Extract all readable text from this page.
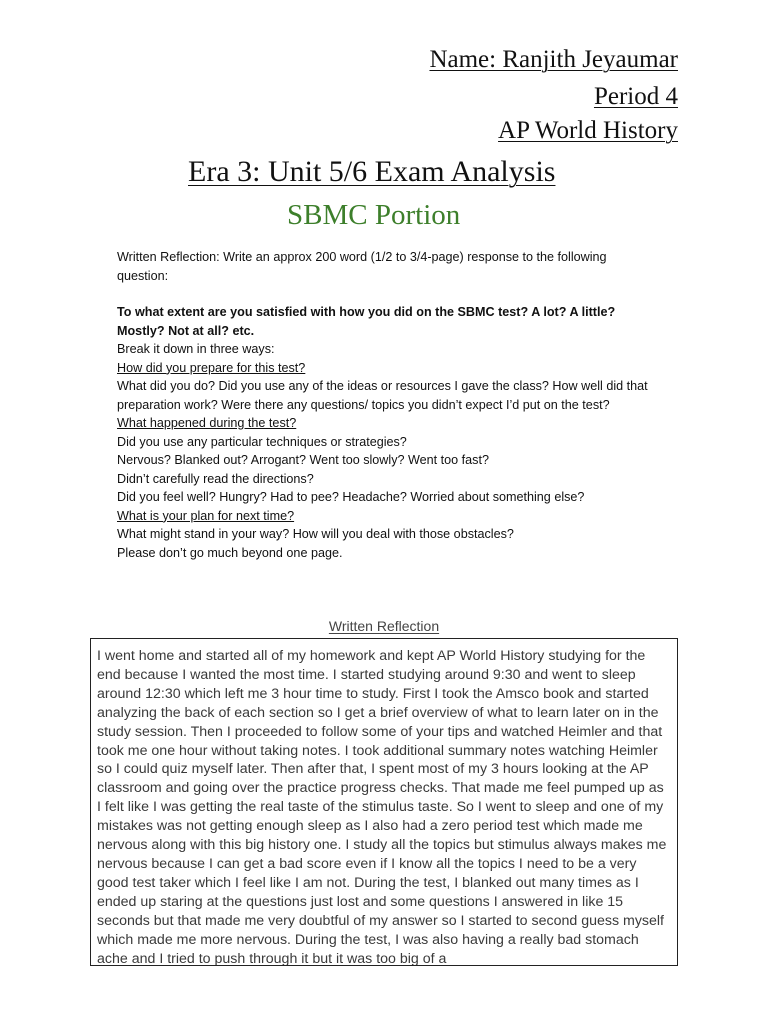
Name: Ranjith Jeyaumar
Period 4
AP World History
Era 3: Unit 5/6 Exam Analysis
SBMC Portion

Written Reflection: Write an approx 200 word (1/2 to 3/4-page) response to the following question:

To what extent are you satisfied with how you did on the SBMC test? A lot? A little? Mostly? Not at all? etc.

Break it down in three ways:

How did you prepare for this test?

What did you do? Did you use any of the ideas or resources I gave the class? How well did that preparation work? Were there any questions/ topics you didn’t expect I’d put on the test?

What happened during the test?

Did you use any particular techniques or strategies?

Nervous? Blanked out? Arrogant? Went too slowly? Went too fast?

Didn’t carefully read the directions?

Did you feel well? Hungry? Had to pee? Headache? Worried about something else?

What is your plan for next time?

What might stand in your way? How will you deal with those obstacles?

Please don’t go much beyond one page.

Written Reflection

I went home and started all of my homework and kept AP World History studying for the end because I wanted the most time. I started studying around 9:30 and went to sleep around 12:30 which left me 3 hour time to study. First I took the Amsco book and started analyzing the back of each section so I get a brief overview of what to learn later on in the study session. Then I proceeded to follow some of your tips and watched Heimler and that took me one hour without taking notes. I took additional summary notes watching Heimler so I could quiz myself later. Then after that, I spent most of my 3 hours looking at the AP classroom and going over the practice progress checks. That made me feel pumped up as I felt like I was getting the real taste of the stimulus taste. So I went to sleep and one of my mistakes was not getting enough sleep as I also had a zero period test which made me nervous along with this big history one. I study all the topics but stimulus always makes me nervous because I can get a bad score even if I know all the topics I need to be a very good test taker which I feel like I am not. During the test, I blanked out many times as I ended up staring at the questions just lost and some questions I answered in like 15 seconds but that made me very doubtful of my answer so I started to second guess myself which made me more nervous. During the test, I was also having a really bad stomach ache and I tried to push through it but it was too big of a
